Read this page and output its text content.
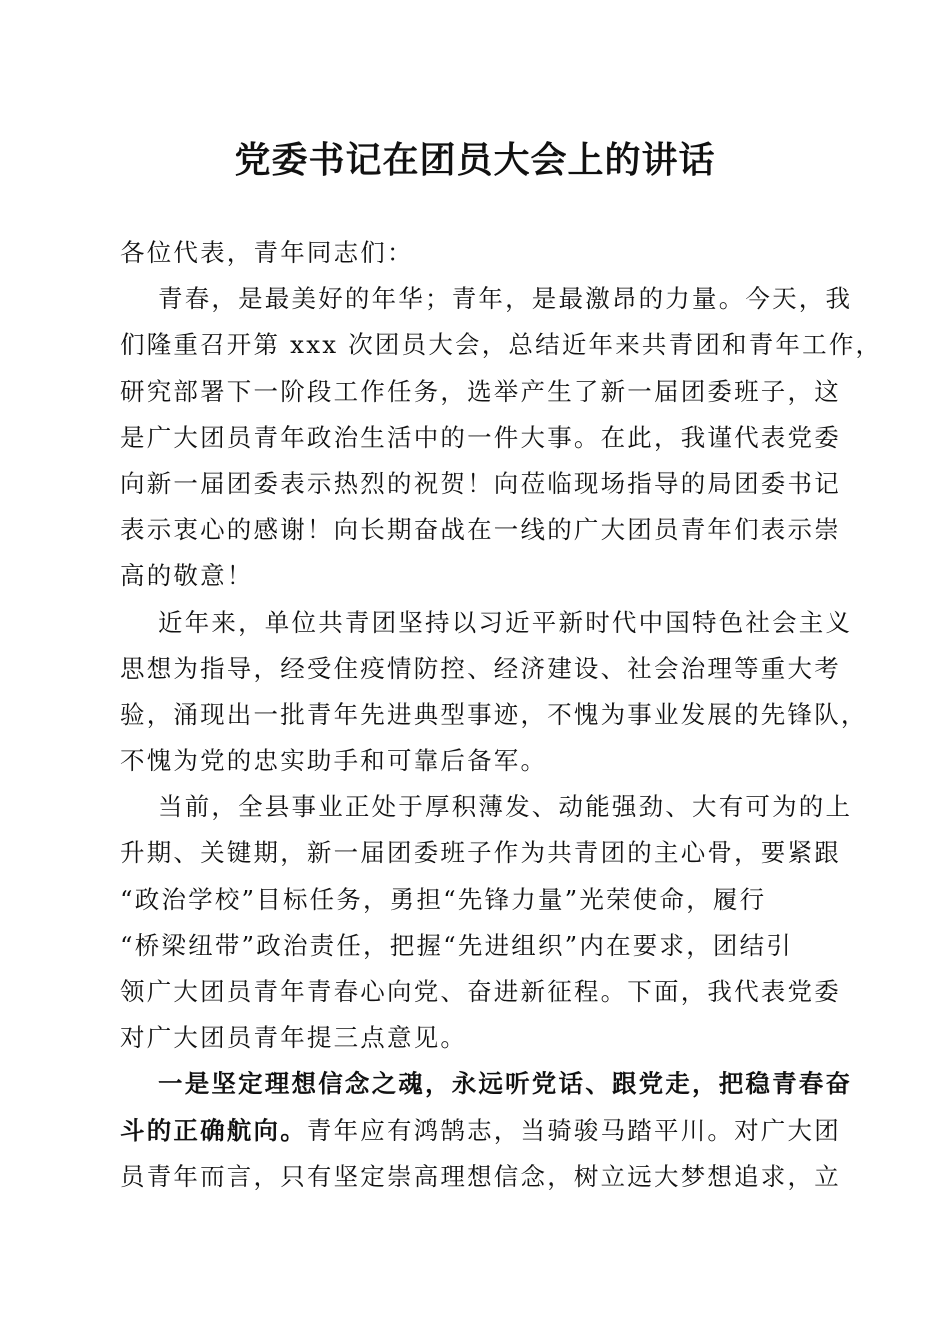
党委书记在团员大会上的讲话
各位代表，青年同志们：
青春，是最美好的年华；青年，是最激昂的力量。今天，我
们隆重召开第 xxx 次团员大会，总结近年来共青团和青年工作，
研究部署下一阶段工作任务，选举产生了新一届团委班子，这
是广大团员青年政治生活中的一件大事。在此，我谨代表党委
向新一届团委表示热烈的祝贺！向莅临现场指导的局团委书记
表示衷心的感谢！向长期奋战在一线的广大团员青年们表示崇
高的敬意！
近年来，单位共青团坚持以习近平新时代中国特色社会主义
思想为指导，经受住疫情防控、经济建设、社会治理等重大考
验，涌现出一批青年先进典型事迹，不愧为事业发展的先锋队，
不愧为党的忠实助手和可靠后备军。
当前，全县事业正处于厚积薄发、动能强劲、大有可为的上
升期、关键期，新一届团委班子作为共青团的主心骨，要紧跟
“政治学校”目标任务，勇担“先锋力量”光荣使命，履行
“桥梁纽带”政治责任，把握“先进组织”内在要求，团结引
领广大团员青年青春心向党、奋进新征程。下面，我代表党委
对广大团员青年提三点意见。
一是坚定理想信念之魂，永远听党话、跟党走，把稳青春奋
斗的正确航向。青年应有鸿鹄志，当骑骏马踏平川。对广大团
员青年而言，只有坚定崇高理想信念，树立远大梦想追求，立
